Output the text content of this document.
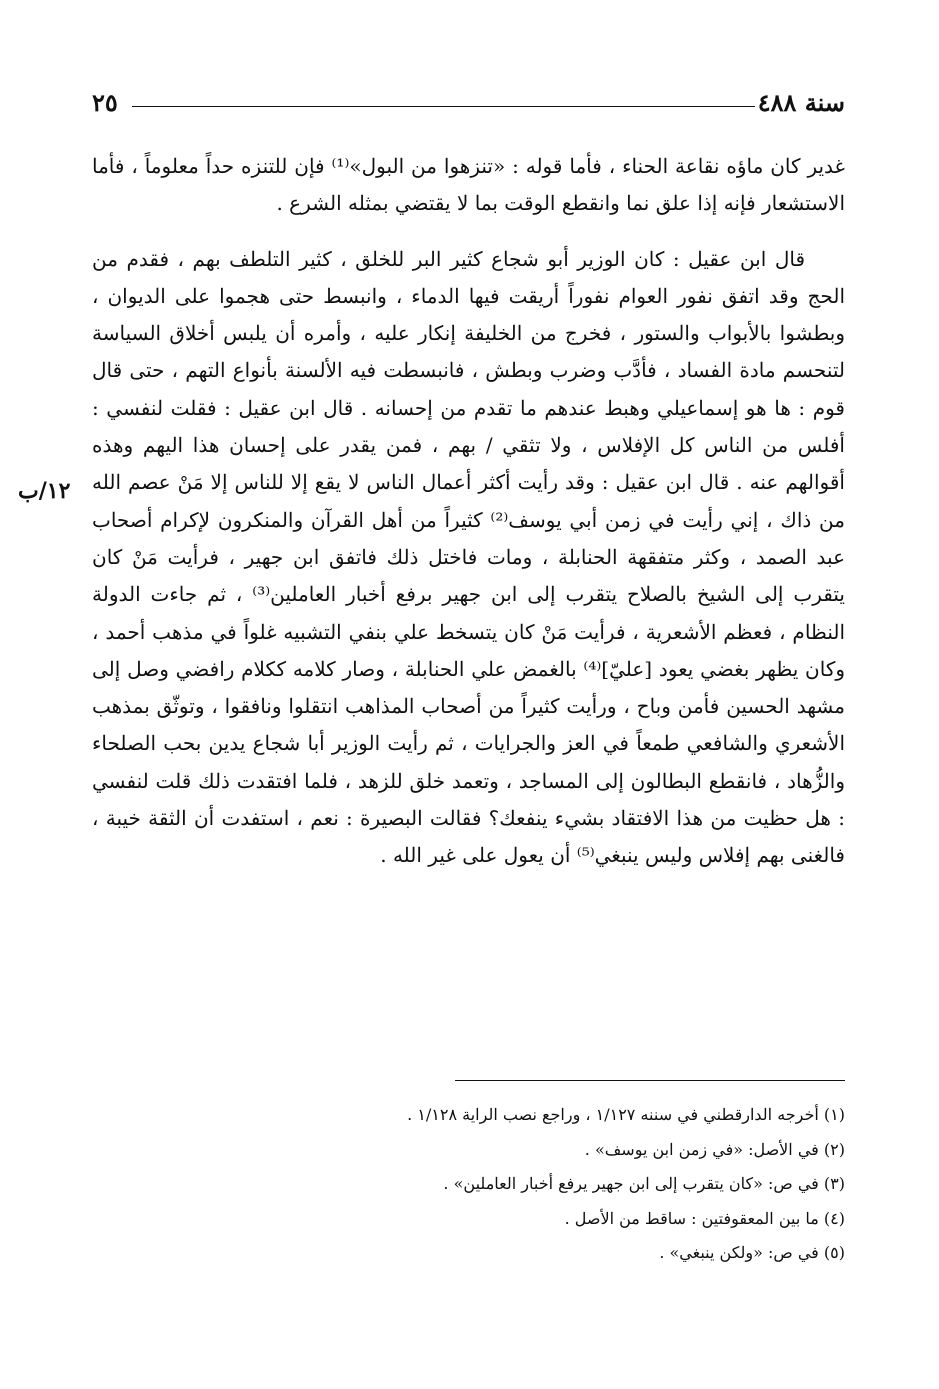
٢٥	سنة ٤٨٨
١٢/ب

غدير كان ماؤه نقاعة الحناء ، فأما قوله : «تنزهوا من البول»⁽¹⁾ فإن للتنزه حداً معلوماً ، فأما الاستشعار فإنه إذا علق نما وانقطع الوقت بما لا يقتضي بمثله الشرع .

قال ابن عقيل : كان الوزير أبو شجاع كثير البر للخلق ، كثير التلطف بهم ، فقدم من الحج وقد اتفق نفور العوام نفوراً أريقت فيها الدماء ، وانبسط حتى هجموا على الديوان ، وبطشوا بالأبواب والستور ، فخرج من الخليفة إنكار عليه ، وأمره أن يلبس أخلاق السياسة لتنحسم مادة الفساد ، فأدَّب وضرب وبطش ، فانبسطت فيه الألسنة بأنواع التهم ، حتى قال قوم : ها هو إسماعيلي وهبط عندهم ما تقدم من إحسانه . قال ابن عقيل : فقلت لنفسي : أفلس من الناس كل الإفلاس ، ولا تثقي / بهم ، فمن يقدر على إحسان هذا اليهم وهذه أقوالهم عنه . قال ابن عقيل : وقد رأيت أكثر أعمال الناس لا يقع إلا للناس إلا مَنْ عصم الله من ذاك ، إني رأيت في زمن أبي يوسف⁽²⁾ كثيراً من أهل القرآن والمنكرون لإكرام أصحاب عبد الصمد ، وكثر متفقهة الحنابلة ، ومات فاختل ذلك فاتفق ابن جهير ، فرأيت مَنْ كان يتقرب إلى الشيخ بالصلاح يتقرب إلى ابن جهير برفع أخبار العاملين⁽³⁾ ، ثم جاءت الدولة النظام ، فعظم الأشعرية ، فرأيت مَنْ كان يتسخط علي بنفي التشبيه غلواً في مذهب أحمد ، وكان يظهر بغضي يعود [عليّ]⁽⁴⁾ بالغمض علي الحنابلة ، وصار كلامه ككلام رافضي وصل إلى مشهد الحسين فأمن وباح ، ورأيت كثيراً من أصحاب المذاهب انتقلوا ونافقوا ، وتوثّق بمذهب الأشعري والشافعي طمعاً في العز والجرايات ، ثم رأيت الوزير أبا شجاع يدين بحب الصلحاء والزُّهاد ، فانقطع البطالون إلى المساجد ، وتعمد خلق للزهد ، فلما افتقدت ذلك قلت لنفسي : هل حظيت من هذا الافتقاد بشيء ينفعك؟ فقالت البصيرة : نعم ، استفدت أن الثقة خيبة ، فالغنى بهم إفلاس وليس ينبغي⁽⁵⁾ أن يعول على غير الله .

(١) أخرجه الدارقطني في سننه ١/١٢٧ ، وراجع نصب الراية ١/١٢٨ .
(٢) في الأصل: «في زمن ابن يوسف» .
(٣) في ص: «كان يتقرب إلى ابن جهير يرفع أخبار العاملين» .
(٤) ما بين المعقوفتين : ساقط من الأصل .
(٥) في ص: «ولكن ينبغي» .
